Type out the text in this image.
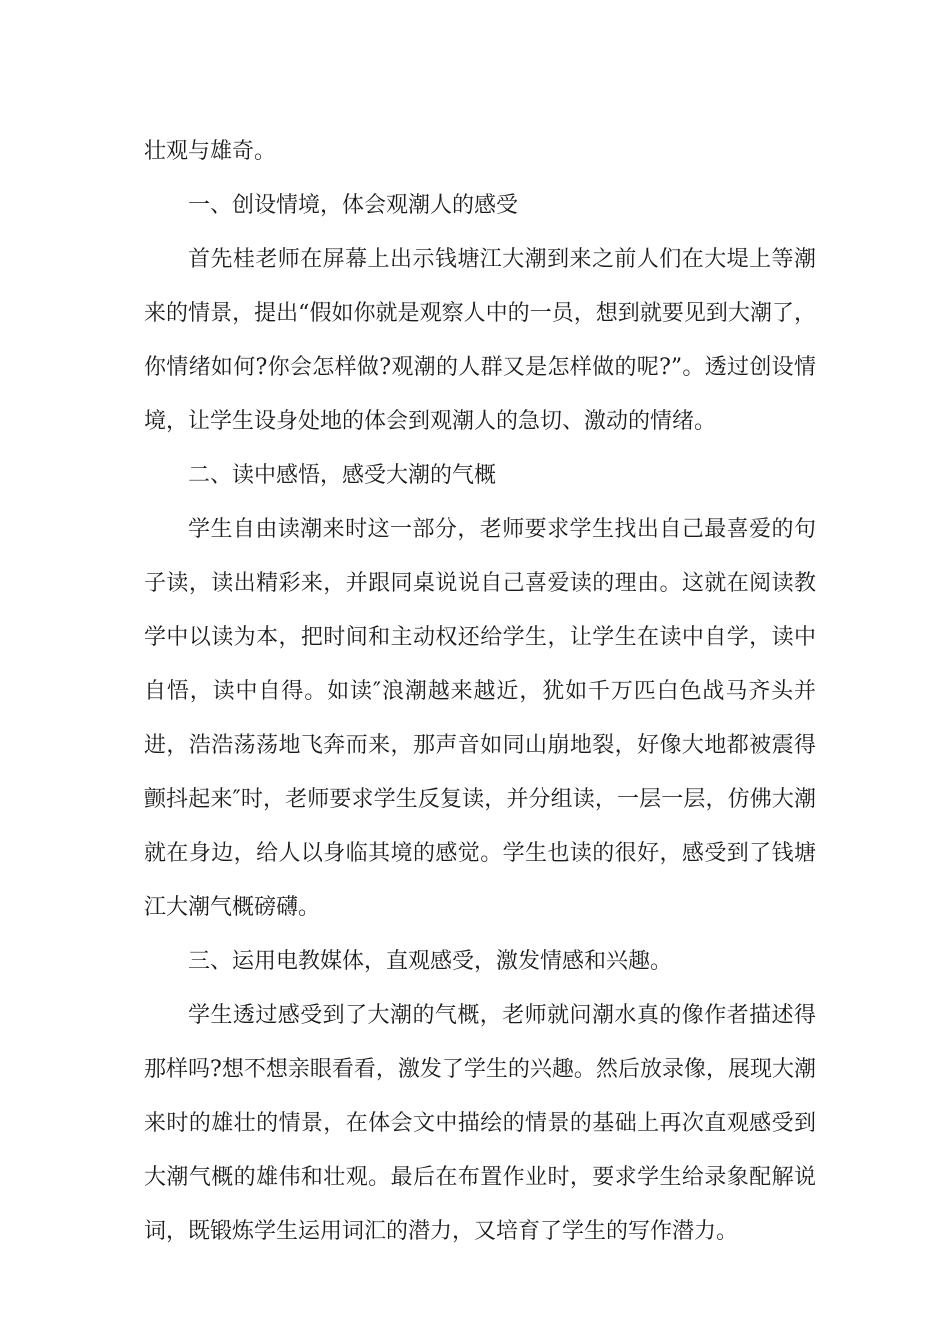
壮观与雄奇。

一、创设情境，体会观潮人的感受

首先桂老师在屏幕上出示钱塘江大潮到来之前人们在大堤上等潮来的情景，提出“假如你就是观察人中的一员，想到就要见到大潮了，你情绪如何?你会怎样做?观潮的人群又是怎样做的呢?”。透过创设情境，让学生设身处地的体会到观潮人的急切、激动的情绪。

二、读中感悟，感受大潮的气概

学生自由读潮来时这一部分，老师要求学生找出自己最喜爱的句子读，读出精彩来，并跟同桌说说自己喜爱读的理由。这就在阅读教学中以读为本，把时间和主动权还给学生，让学生在读中自学，读中自悟，读中自得。如读″浪潮越来越近，犹如千万匹白色战马齐头并进，浩浩荡荡地飞奔而来，那声音如同山崩地裂，好像大地都被震得颤抖起来″时，老师要求学生反复读，并分组读，一层一层，仿佛大潮就在身边，给人以身临其境的感觉。学生也读的很好，感受到了钱塘江大潮气概磅礴。

三、运用电教媒体，直观感受，激发情感和兴趣。

学生透过感受到了大潮的气概，老师就问潮水真的像作者描述得那样吗?想不想亲眼看看，激发了学生的兴趣。然后放录像，展现大潮来时的雄壮的情景，在体会文中描绘的情景的基础上再次直观感受到大潮气概的雄伟和壮观。最后在布置作业时，要求学生给录象配解说词，既锻炼学生运用词汇的潜力，又培育了学生的写作潜力。
